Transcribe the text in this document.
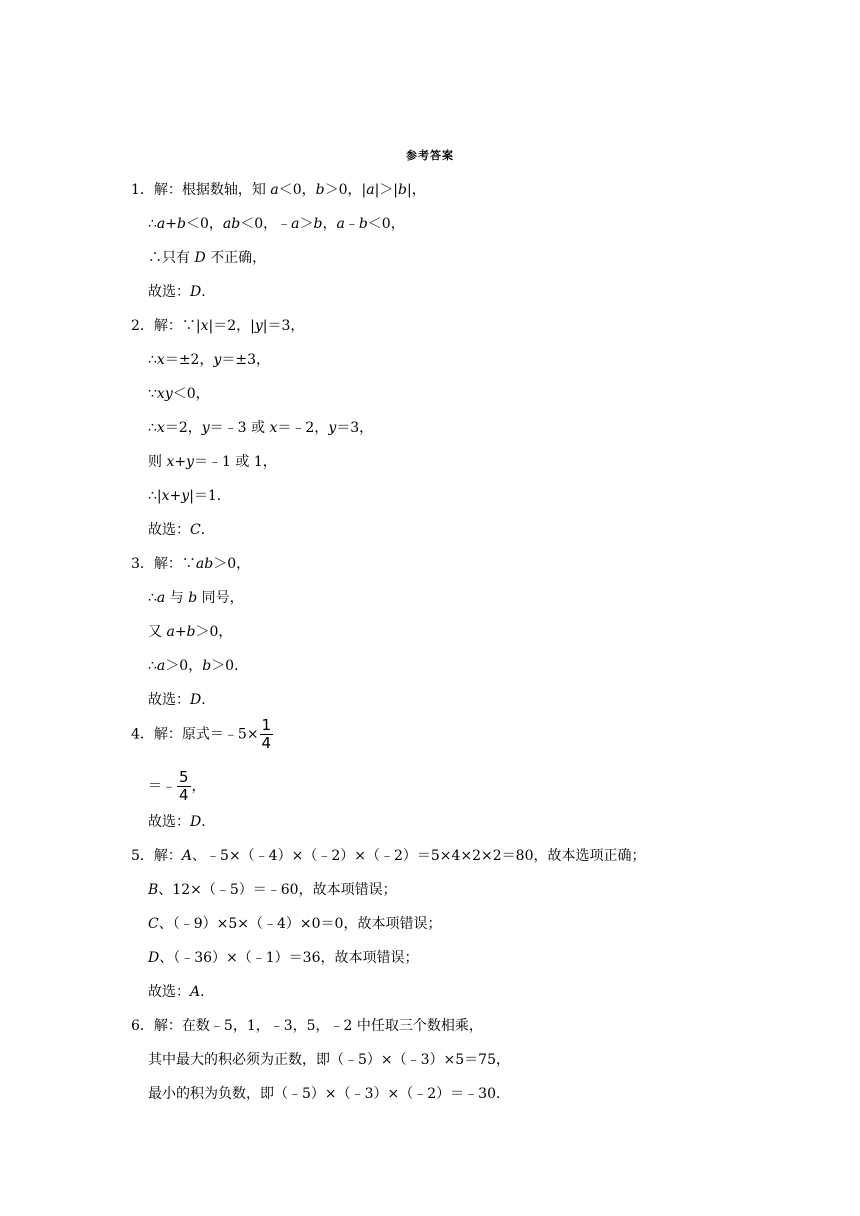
参考答案
1．解：根据数轴，知 a＜0，b＞0，|a|＞|b|，
∴a+b＜0，ab＜0，﹣a＞b，a﹣b＜0，
∴只有 D 不正确，
故选：D．
2．解：∵|x|＝2，|y|＝3，
∴x＝±2，y＝±3，
∵xy＜0，
∴x＝2，y＝﹣3 或 x＝﹣2，y＝3，
则 x+y＝﹣1 或 1，
∴|x+y|＝1．
故选：C．
3．解：∵ab＞0，
∴a 与 b 同号，
又 a+b＞0，
∴a＞0，b＞0．
故选：D．
4．解：原式＝﹣5× $\frac{1}{4}$
＝﹣ $\frac{5}{4}$ ，
故选：D．
5．解：A、﹣5×（﹣4）×（﹣2）×（﹣2）＝5×4×2×2＝80，故本选项正确；
B、12×（﹣5）＝﹣60，故本项错误；
C、（﹣9）×5×（﹣4）×0＝0，故本项错误；
D、（﹣36）×（﹣1）＝36，故本项错误；
故选：A．
6．解：在数﹣5，1，﹣3，5，﹣2 中任取三个数相乘，
其中最大的积必须为正数，即（﹣5）×（﹣3）×5＝75，
最小的积为负数，即（﹣5）×（﹣3）×（﹣2）＝﹣30．
